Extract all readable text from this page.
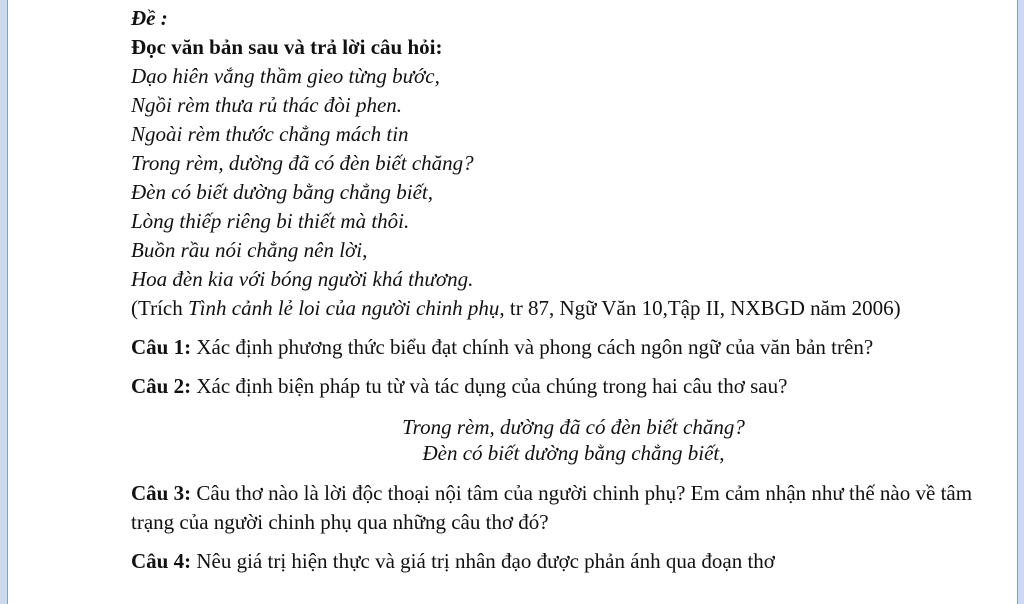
Đề :
Đọc văn bản sau và trả lời câu hỏi:
Dạo hiên vắng thầm gieo từng bước,
Ngồi rèm thưa rủ thác đòi phen.
Ngoài rèm thước chẳng mách tin
Trong rèm, dường đã có đèn biết chăng?
Đèn có biết dường bằng chẳng biết,
Lòng thiếp riêng bi thiết mà thôi.
Buồn rầu nói chẳng nên lời,
Hoa đèn kia với bóng người khá thương.
(Trích Tình cảnh lẻ loi của người chinh phụ, tr 87, Ngữ Văn 10,Tập II, NXBGD năm 2006)
Câu 1: Xác định phương thức biểu đạt chính và phong cách ngôn ngữ của văn bản trên?
Câu 2: Xác định biện pháp tu từ và tác dụng của chúng trong hai câu thơ sau?
Trong rèm, dường đã có đèn biết chăng?
Đèn có biết dường bằng chẳng biết,
Câu 3: Câu thơ nào là lời độc thoại nội tâm của người chinh phụ? Em cảm nhận như thế nào về tâm trạng của người chinh phụ qua những câu thơ đó?
Câu 4: Nêu giá trị hiện thực và giá trị nhân đạo được phản ánh qua đoạn thơ
